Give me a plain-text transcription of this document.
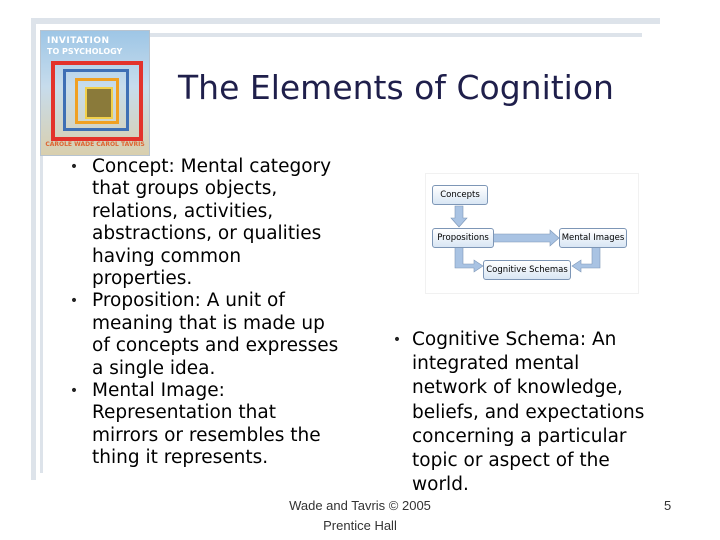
INVITATION
TO PSYCHOLOGY
CAROLE WADE CAROL TAVRIS
The Elements of Cognition
• Concept: Mental category
that groups objects,
relations, activities,
abstractions, or qualities
having common
properties.
• Proposition: A unit of
meaning that is made up
of concepts and expresses
a single idea.
• Mental Image:
Representation that
mirrors or resembles the
thing it represents.
Concepts
Propositions	Mental Images
Cognitive Schemas
• Cognitive Schema: An
integrated mental
network of knowledge,
beliefs, and expectations
concerning a particular
topic or aspect of the
world.
Wade and Tavris © 2005
Prentice Hall
5
